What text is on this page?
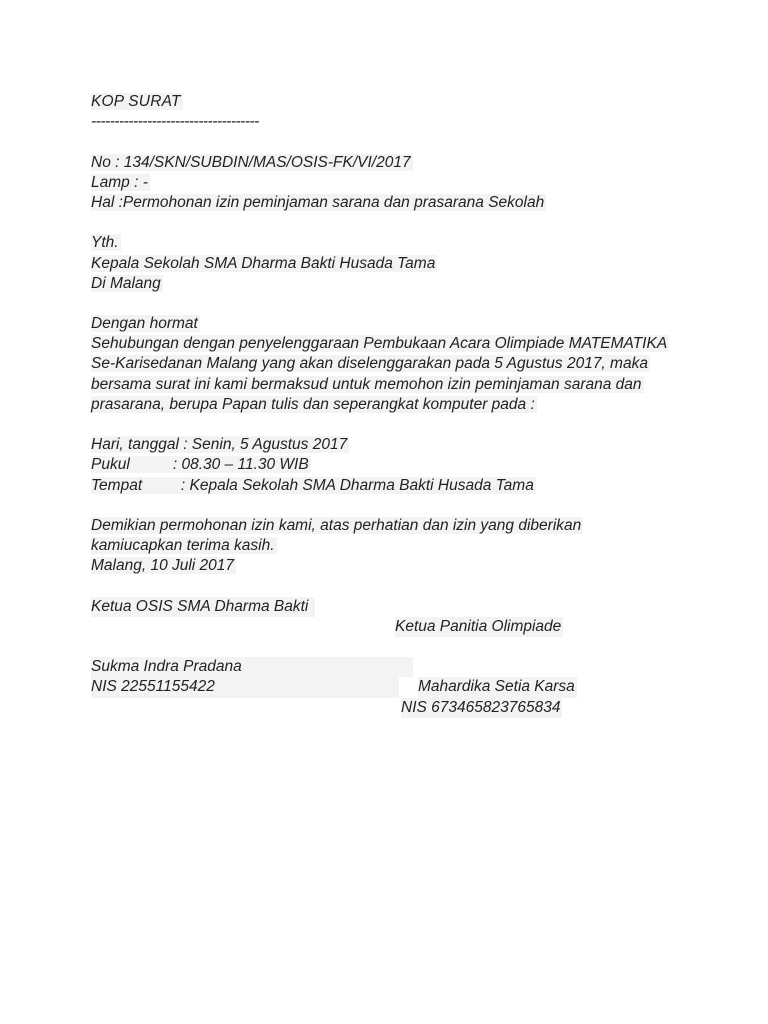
KOP SURAT
------------------------------------
No : 134/SKN/SUBDIN/MAS/OSIS-FK/VI/2017
Lamp : -
Hal :Permohonan izin peminjaman sarana dan prasarana Sekolah
Yth.
Kepala Sekolah SMA Dharma Bakti Husada Tama
Di Malang
Dengan hormat
Sehubungan dengan penyelenggaraan Pembukaan Acara Olimpiade MATEMATIKA
Se-Karisedanan Malang yang akan diselenggarakan pada 5 Agustus 2017, maka
bersama surat ini kami bermaksud untuk memohon izin peminjaman sarana dan
prasarana, berupa Papan tulis dan seperangkat komputer pada :
Hari, tanggal : Senin, 5 Agustus 2017
Pukul          : 08.30 – 11.30 WIB
Tempat         : Kepala Sekolah SMA Dharma Bakti Husada Tama
Demikian permohonan izin kami, atas perhatian dan izin yang diberikan
kamiucapkan terima kasih.
Malang, 10 Juli 2017

Ketua OSIS SMA Dharma Bakti

Ketua Panitia Olimpiade

Sukma Indra Pradana

Mahardika Setia Karsa

NIS 22551155422

NIS 673465823765834
